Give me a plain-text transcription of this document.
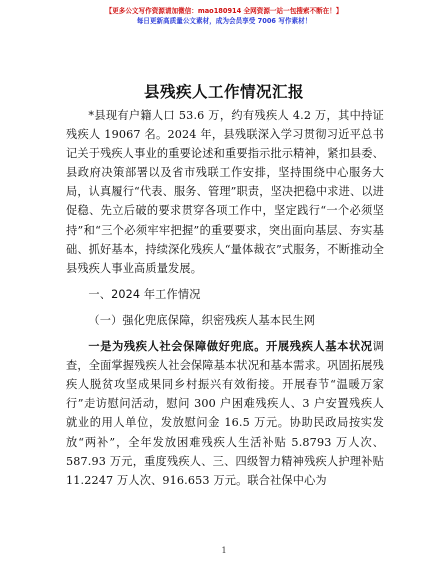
【更多公文写作资源请加微信：mao180914 全网资源一站一包搜索不断在！】
每日更新高质量公文素材，成为会员享受 7006 写作素材！
县残疾人工作情况汇报

*县现有户籍人口 53.6 万，约有残疾人 4.2 万，其中持证残疾人 19067 名。2024 年，县残联深入学习贯彻习近平总书记关于残疾人事业的重要论述和重要指示批示精神，紧扣县委、县政府决策部署以及省市残联工作安排，坚持围绕中心服务大局，认真履行“代表、服务、管理”职责，坚决把稳中求进、以进促稳、先立后破的要求贯穿各项工作中，坚定践行“一个必须坚持”和“三个必须牢牢把握”的重要要求，突出面向基层、夯实基础、抓好基本，持续深化残疾人“量体裁衣”式服务，不断推动全县残疾人事业高质量发展。

一、2024 年工作情况

（一）强化兜底保障，织密残疾人基本民生网

一是为残疾人社会保障做好兜底。开展残疾人基本状况调查，全面掌握残疾人社会保障基本状况和基本需求。巩固拓展残疾人脱贫攻坚成果同乡村振兴有效衔接。开展春节“温暖万家行”走访慰问活动，慰问 300 户困难残疾人、3 户安置残疾人就业的用人单位，发放慰问金 16.5 万元。协助民政局按实发放“两补”，全年发放困难残疾人生活补贴 5.8793 万人次、587.93 万元，重度残疾人、三、四级智力精神残疾人护理补贴 11.2247 万人次、916.653 万元。联合社保中心为

1
